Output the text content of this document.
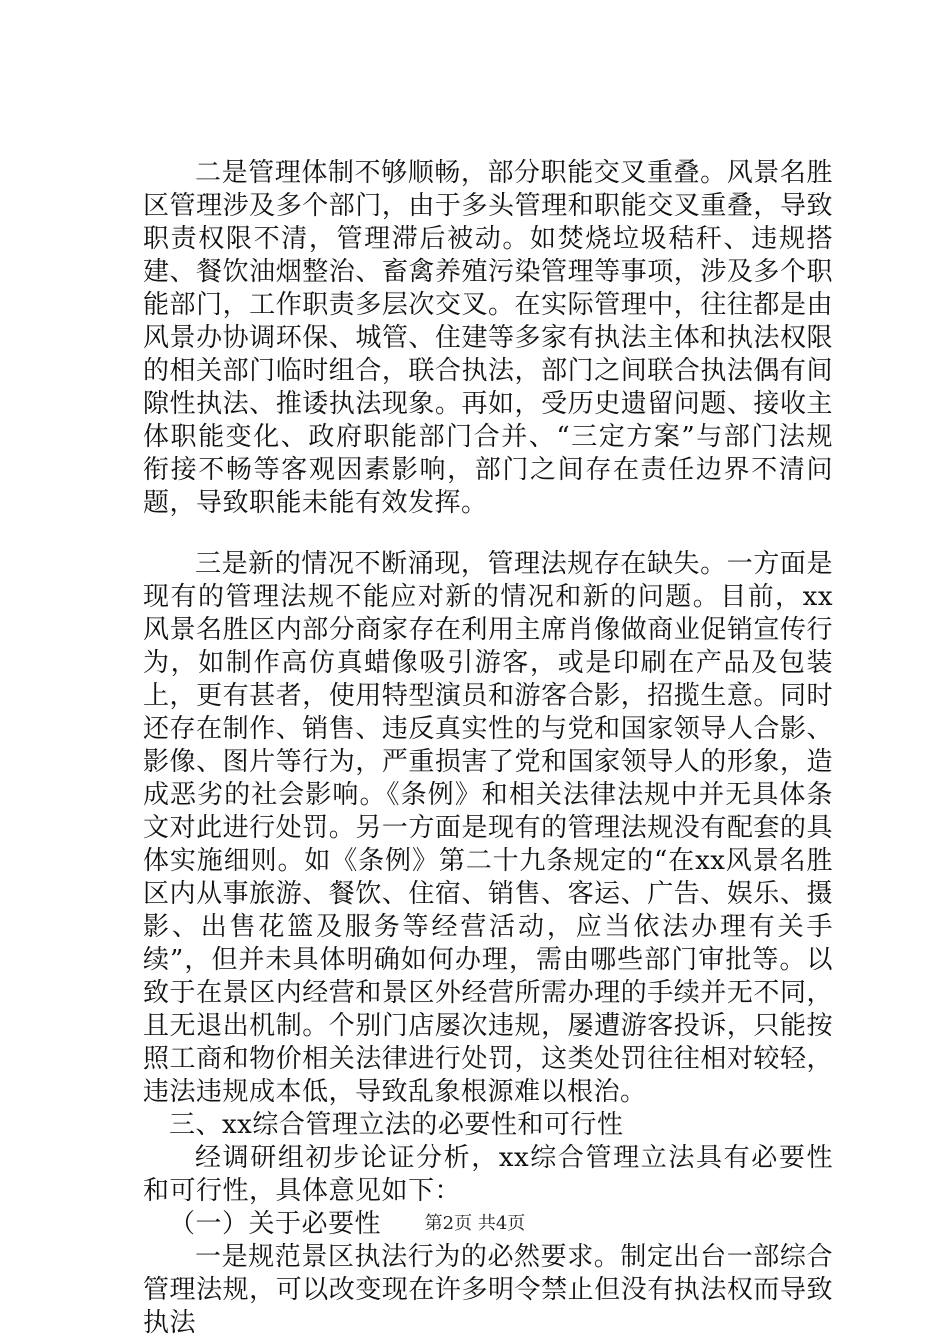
二是管理体制不够顺畅，部分职能交叉重叠。风景名胜区管理涉及多个部门，由于多头管理和职能交叉重叠，导致职责权限不清，管理滞后被动。如焚烧垃圾秸秆、违规搭建、餐饮油烟整治、畜禽养殖污染管理等事项，涉及多个职能部门，工作职责多层次交叉。在实际管理中，往往都是由风景办协调环保、城管、住建等多家有执法主体和执法权限的相关部门临时组合，联合执法，部门之间联合执法偶有间隙性执法、推诿执法现象。再如，受历史遗留问题、接收主体职能变化、政府职能部门合并、“三定方案”与部门法规衔接不畅等客观因素影响，部门之间存在责任边界不清问题，导致职能未能有效发挥。

三是新的情况不断涌现，管理法规存在缺失。一方面是现有的管理法规不能应对新的情况和新的问题。目前，xx风景名胜区内部分商家存在利用主席肖像做商业促销宣传行为，如制作高仿真蜡像吸引游客，或是印刷在产品及包装上，更有甚者，使用特型演员和游客合影，招揽生意。同时还存在制作、销售、违反真实性的与党和国家领导人合影、影像、图片等行为，严重损害了党和国家领导人的形象，造成恶劣的社会影响。《条例》和相关法律法规中并无具体条文对此进行处罚。另一方面是现有的管理法规没有配套的具体实施细则。如《条例》第二十九条规定的“在xx风景名胜区内从事旅游、餐饮、住宿、销售、客运、广告、娱乐、摄影、出售花篮及服务等经营活动，应当依法办理有关手续”，但并未具体明确如何办理，需由哪些部门审批等。以致于在景区内经营和景区外经营所需办理的手续并无不同，且无退出机制。个别门店屡次违规，屡遭游客投诉，只能按照工商和物价相关法律进行处罚，这类处罚往往相对较轻，违法违规成本低，导致乱象根源难以根治。

三、xx综合管理立法的必要性和可行性

经调研组初步论证分析，xx综合管理立法具有必要性和可行性，具体意见如下：

（一）关于必要性

一是规范景区执法行为的必然要求。制定出台一部综合管理法规，可以改变现在许多明令禁止但没有执法权而导致执法

第2页 共4页
